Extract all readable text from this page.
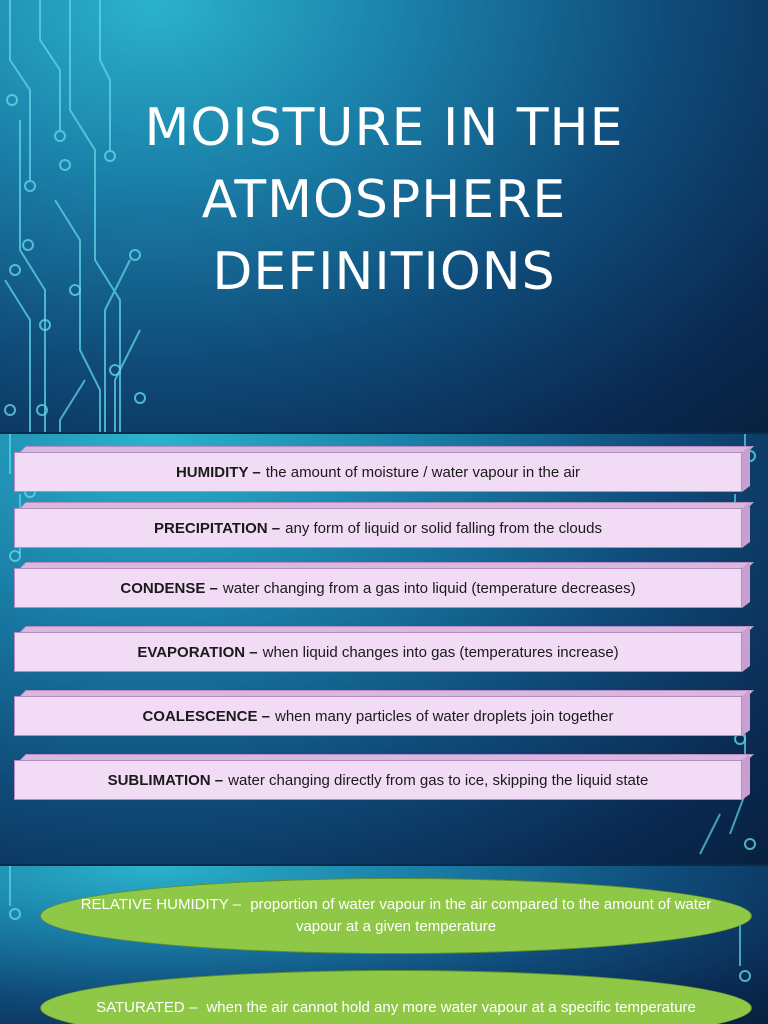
MOISTURE IN THE
ATMOSPHERE
DEFINITIONS
HUMIDITY – the amount of moisture / water vapour in the air
PRECIPITATION – any form of liquid or solid falling from the clouds
CONDENSE – water changing from a gas into liquid (temperature decreases)
EVAPORATION – when liquid changes into gas (temperatures increase)
COALESCENCE – when many particles of water droplets join together
SUBLIMATION – water changing directly from gas to ice, skipping the liquid state
RELATIVE HUMIDITY – proportion of water vapour in the air compared to the amount of water vapour at a given temperature
SATURATED – when the air cannot hold any more water vapour at a specific temperature
